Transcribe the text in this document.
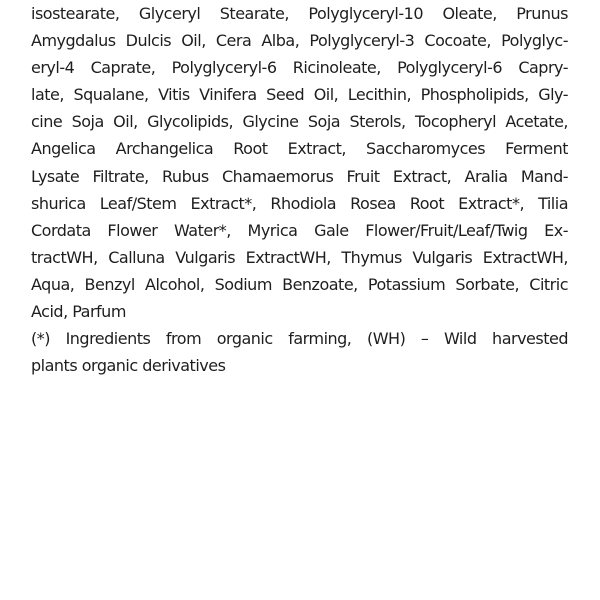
isostearate, Glyceryl Stearate, Polyglyceryl-10 Oleate, Prunus
Amygdalus Dulcis Oil, Cera Alba, Polyglyceryl-3 Cocoate, Polyglyc-
eryl-4 Caprate, Polyglyceryl-6 Ricinoleate, Polyglyceryl-6 Capry-
late, Squalane, Vitis Vinifera Seed Oil, Lecithin, Phospholipids, Gly-
cine Soja Oil, Glycolipids, Glycine Soja Sterols, Tocopheryl Acetate,
Angelica Archangelica Root Extract, Saccharomyces Ferment
Lysate Filtrate, Rubus Chamaemorus Fruit Extract, Aralia Mand-
shurica Leaf/Stem Extract*, Rhodiola Rosea Root Extract*, Tilia
Cordata Flower Water*, Myrica Gale Flower/Fruit/Leaf/Twig Ex-
tractWH, Calluna Vulgaris ExtractWH, Thymus Vulgaris ExtractWH,
Aqua, Benzyl Alcohol, Sodium Benzoate, Potassium Sorbate, Citric
Acid, Parfum
(*) Ingredients from organic farming, (WH) – Wild harvested
plants organic derivatives
